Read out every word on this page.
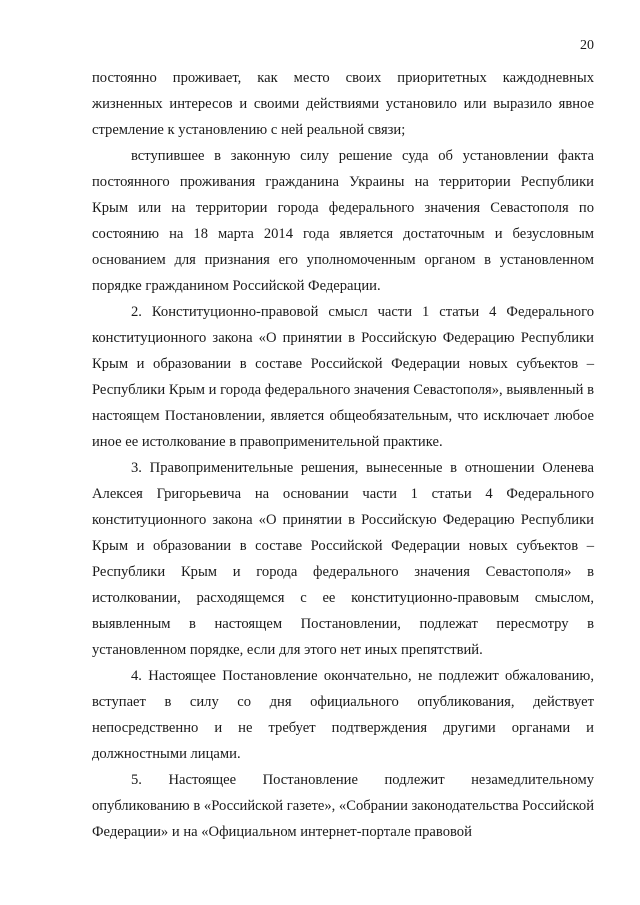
20

постоянно проживает, как место своих приоритетных каждодневных жизненных интересов и своими действиями установило или выразило явное стремление к установлению с ней реальной связи;

вступившее в законную силу решение суда об установлении факта постоянного проживания гражданина Украины на территории Республики Крым или на территории города федерального значения Севастополя по состоянию на 18 марта 2014 года является достаточным и безусловным основанием для признания его уполномоченным органом в установленном порядке гражданином Российской Федерации.

2. Конституционно-правовой смысл части 1 статьи 4 Федерального конституционного закона «О принятии в Российскую Федерацию Республики Крым и образовании в составе Российской Федерации новых субъектов – Республики Крым и города федерального значения Севастополя», выявленный в настоящем Постановлении, является общеобязательным, что исключает любое иное ее истолкование в правоприменительной практике.

3. Правоприменительные решения, вынесенные в отношении Оленева Алексея Григорьевича на основании части 1 статьи 4 Федерального конституционного закона «О принятии в Российскую Федерацию Республики Крым и образовании в составе Российской Федерации новых субъектов – Республики Крым и города федерального значения Севастополя» в истолковании, расходящемся с ее конституционно-правовым смыслом, выявленным в настоящем Постановлении, подлежат пересмотру в установленном порядке, если для этого нет иных препятствий.

4. Настоящее Постановление окончательно, не подлежит обжалованию, вступает в силу со дня официального опубликования, действует непосредственно и не требует подтверждения другими органами и должностными лицами.

5. Настоящее Постановление подлежит незамедлительному опубликованию в «Российской газете», «Собрании законодательства Российской Федерации» и на «Официальном интернет-портале правовой
